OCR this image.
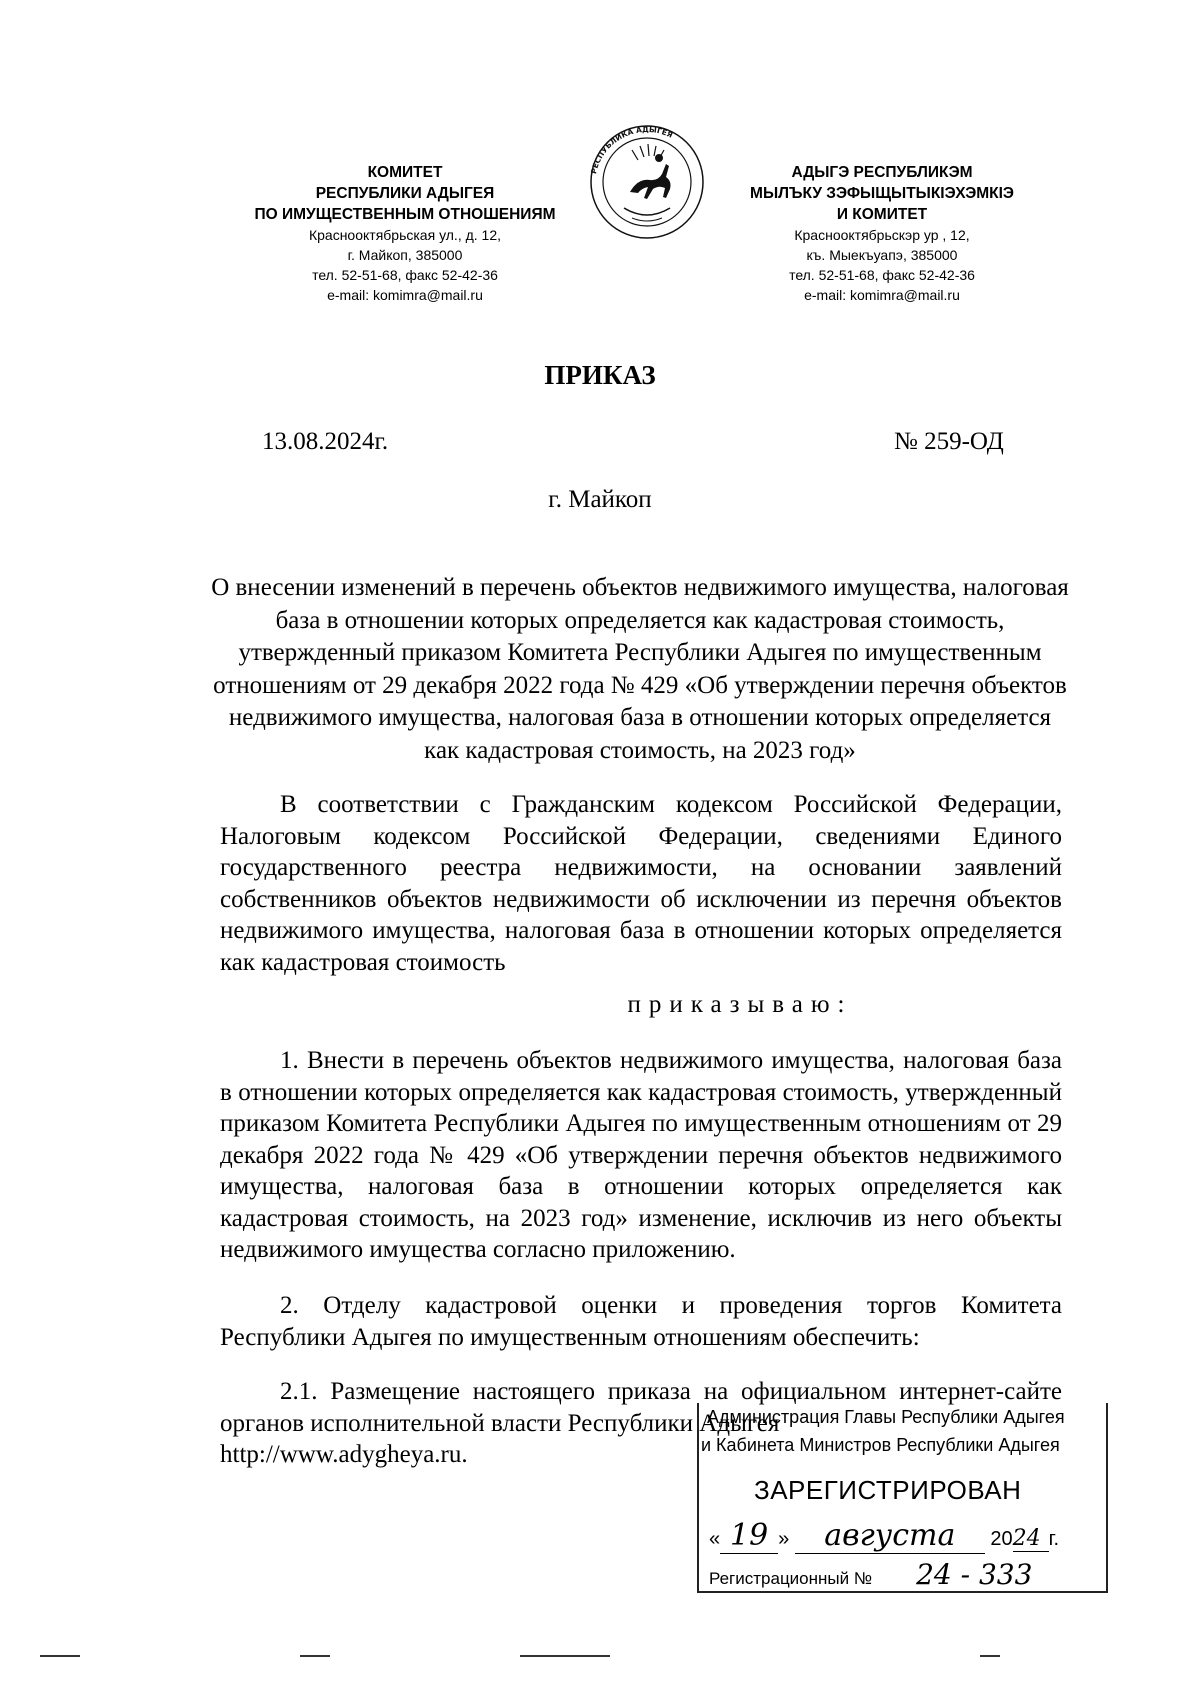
КОМИТЕТ
РЕСПУБЛИКИ АДЫГЕЯ
ПО ИМУЩЕСТВЕННЫМ ОТНОШЕНИЯМ
Краснооктябрьская ул., д. 12,
г. Майкоп, 385000
тел. 52-51-68, факс 52-42-36
e-mail: komimra@mail.ru
РЕСПУБЛИКА АДЫГЕЯ
АДЫГЭ РЕСПУБЛИКЭМ
МЫЛЪКУ ЗЭФЫЩЫТЫКIЭХЭМКIЭ
И КОМИТЕТ
Краснооктябрьскэр ур , 12,
къ. Мыекъуапэ, 385000
тел. 52-51-68, факс 52-42-36
e-mail: komimra@mail.ru
ПРИКАЗ
13.08.2024г.	№ 259-ОД
г. Майкоп
О внесении изменений в перечень объектов недвижимого имущества, налоговая база в отношении которых определяется как кадастровая стоимость, утвержденный приказом Комитета Республики Адыгея по имущественным отношениям от 29 декабря 2022 года № 429 «Об утверждении перечня объектов недвижимого имущества, налоговая база в отношении которых определяется как кадастровая стоимость, на 2023 год»
В соответствии с Гражданским кодексом Российской Федерации, Налоговым кодексом Российской Федерации, сведениями Единого государственного реестра недвижимости, на основании заявлений собственников объектов недвижимости об исключении из перечня объектов недвижимого имущества, налоговая база в отношении которых определяется как кадастровая стоимость
приказываю:
1. Внести в перечень объектов недвижимого имущества, налоговая база в отношении которых определяется как кадастровая стоимость, утвержденный приказом Комитета Республики Адыгея по имущественным отношениям от 29 декабря 2022 года № 429 «Об утверждении перечня объектов недвижимого имущества, налоговая база в отношении которых определяется как кадастровая стоимость, на 2023 год» изменение, исключив из него объекты недвижимого имущества согласно приложению.
2. Отделу кадастровой оценки и проведения торгов Комитета Республики Адыгея по имущественным отношениям обеспечить:
2.1. Размещение настоящего приказа на официальном интернет-сайте органов исполнительной власти Республики Адыгея
http://www.adygheya.ru.
Администрация Главы Республики Адыгея
и Кабинета Министров Республики Адыгея
ЗАРЕГИСТРИРОВАН
« 19 » августа 2024 г.
Регистрационный № 24 - 333
